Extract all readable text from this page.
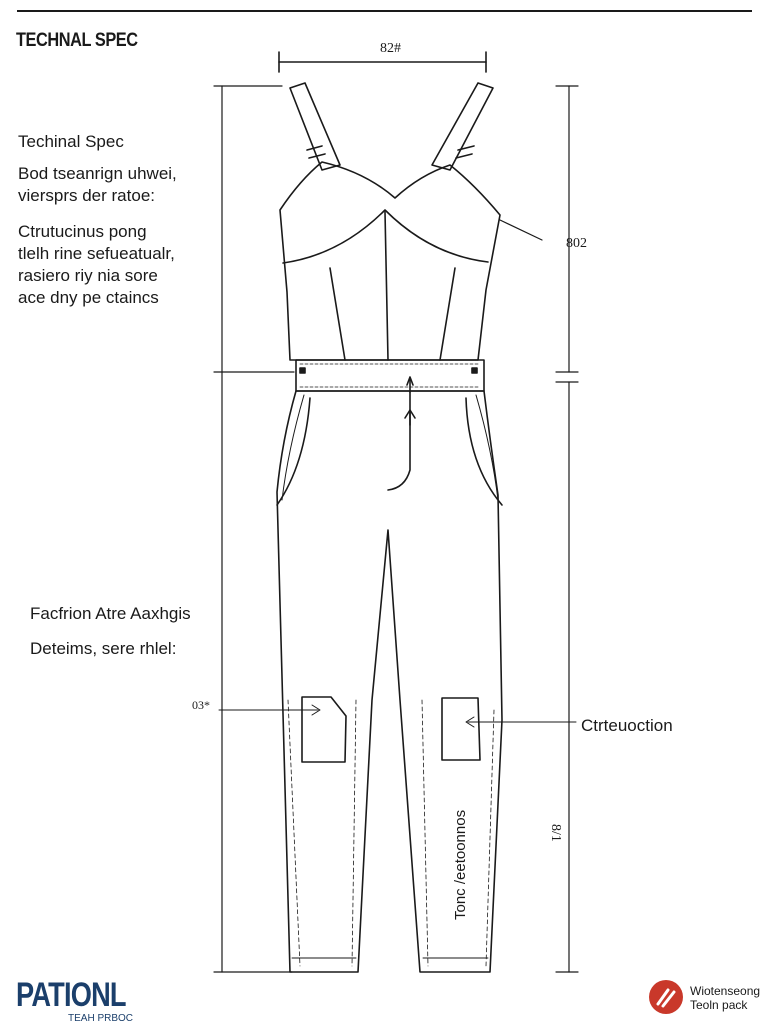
TECHNAL SPEC
Techinal Spec
Bod tseanrign uhwei,
viersprs der ratoe:
Ctrutucinus pong
tlelh rine sefueatualr,
rasiero riy nia sore
ace dny pe ctaincs
Facfrion Atre Aaxhgis
Deteims, sere rhlel:
82#
802
03*
8/1
Ctrteuoction
Tonc /eetoonnos
PATIONL
TEAH PRBOC
Wiotenseong
Teoln pack
